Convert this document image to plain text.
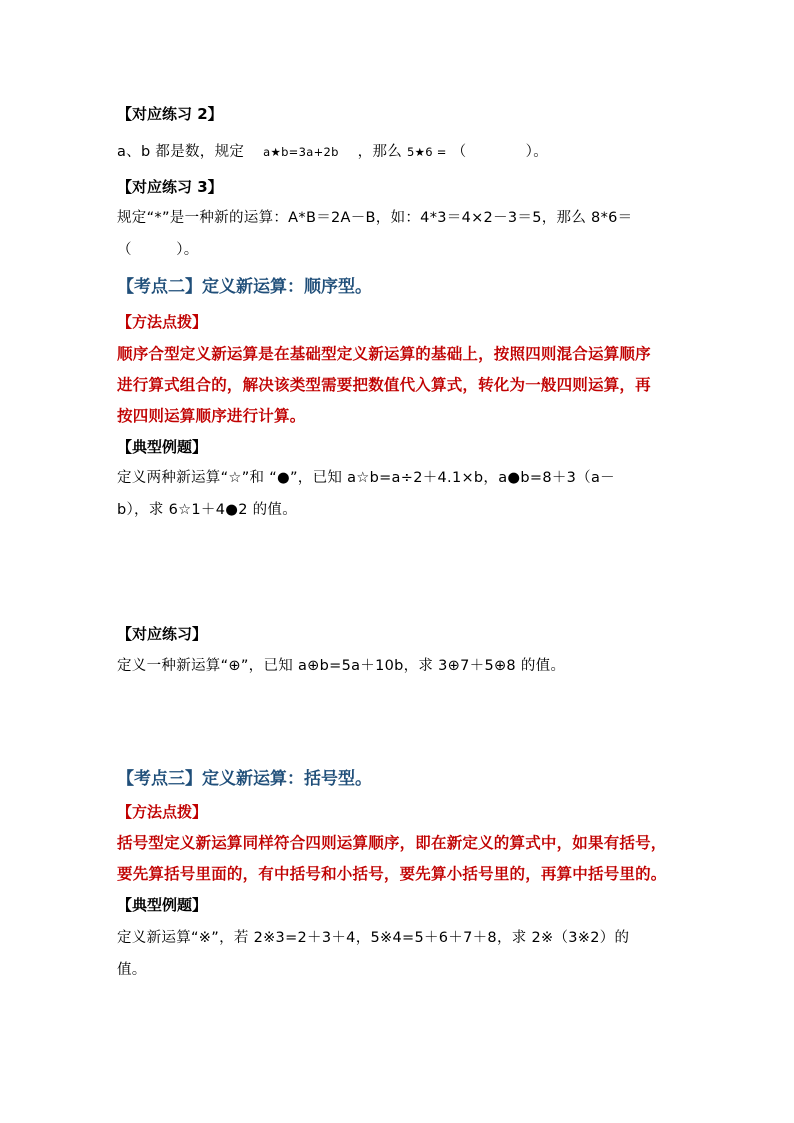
【对应练习 2】
a、b 都是数，规定 a★b=3a+2b ，那么 5★6 = （　　　　）。
【对应练习 3】
规定“*”是一种新的运算：A*B＝2A－B，如：4*3＝4×2－3＝5，那么 8*6＝
（　　　）。
【考点二】定义新运算：顺序型。
【方法点拨】
顺序合型定义新运算是在基础型定义新运算的基础上，按照四则混合运算顺序
进行算式组合的，解决该类型需要把数值代入算式，转化为一般四则运算，再
按四则运算顺序进行计算。
【典型例题】
定义两种新运算“☆”和 “●”，已知 a☆b=a÷2＋4.1×b，a●b=8＋3（a－
b），求 6☆1＋4●2 的值。
【对应练习】
定义一种新运算“⊕”，已知 a⊕b=5a＋10b，求 3⊕7＋5⊕8 的值。
【考点三】定义新运算：括号型。
【方法点拨】
括号型定义新运算同样符合四则运算顺序，即在新定义的算式中，如果有括号，
要先算括号里面的，有中括号和小括号，要先算小括号里的，再算中括号里的。
【典型例题】
定义新运算“※”，若 2※3=2＋3＋4，5※4=5＋6＋7＋8，求 2※（3※2）的
值。
